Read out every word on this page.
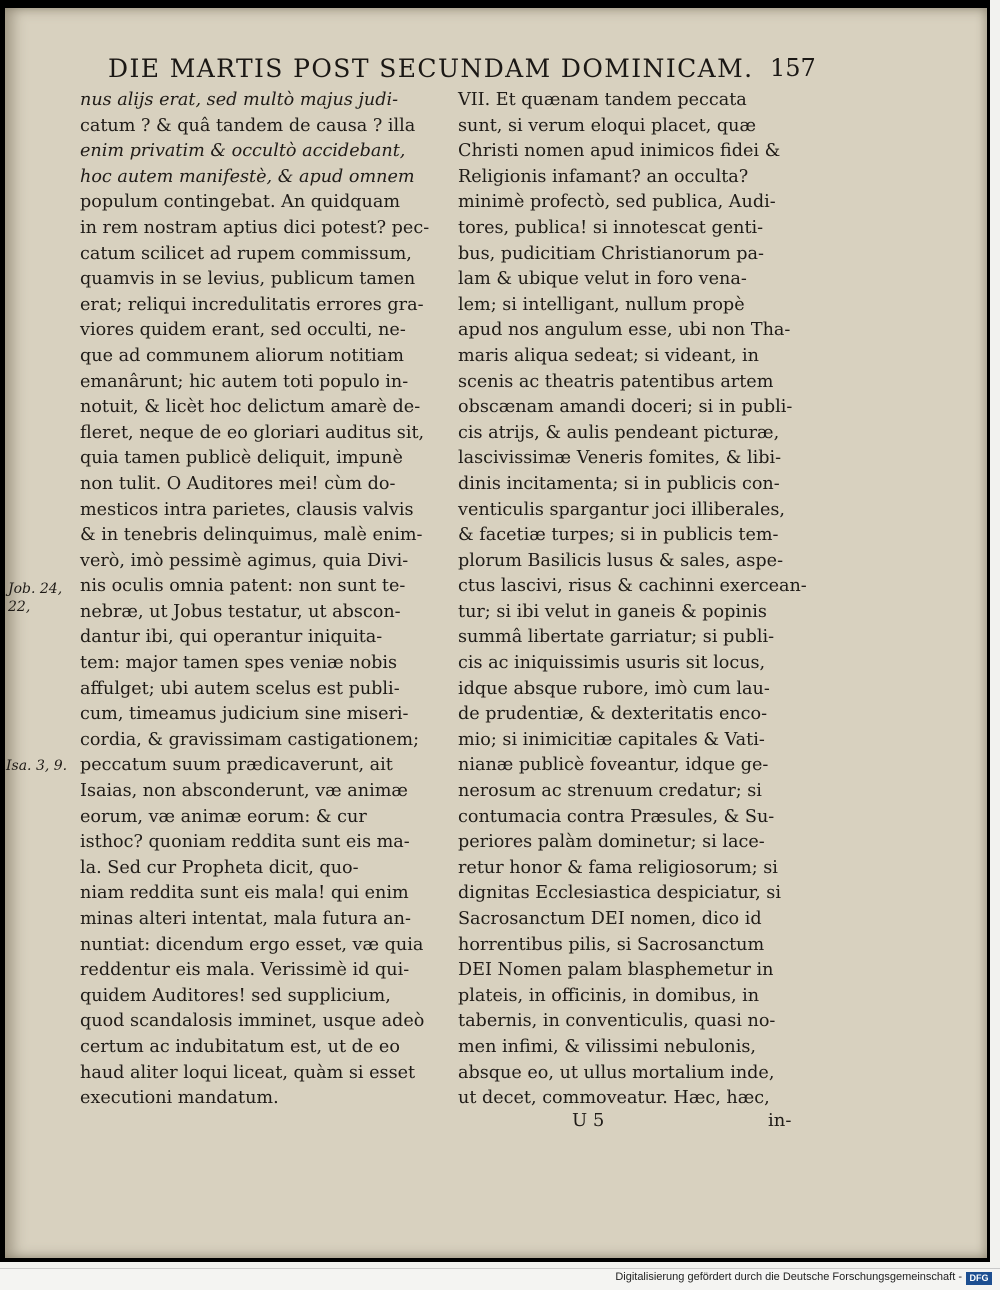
DIE MARTIS POST SECUNDAM DOMINICAM. 157
nus alijs erat, sed multò majus judi-
catum ? & quâ tandem de causa ? illa
enim privatim & occultò accidebant,
hoc autem manifestè, & apud omnem
populum contingebat. An quidquam
in rem nostram aptius dici potest? pec-
catum scilicet ad rupem commissum,
quamvis in se levius, publicum tamen
erat; reliqui incredulitatis errores gra-
viores quidem erant, sed occulti, ne-
que ad communem aliorum notitiam
emanârunt; hic autem toti populo in-
notuit, & licèt hoc delictum amarè de-
fleret, neque de eo gloriari auditus sit,
quia tamen publicè deliquit, impunè
non tulit. O Auditores mei! cùm do-
mesticos intra parietes, clausis valvis
& in tenebris delinquimus, malè enim-
verò, imò pessimè agimus, quia Divi-
nis oculis omnia patent: non sunt te-
nebræ, ut Jobus testatur, ut abscon-
dantur ibi, qui operantur iniquita-
tem: major tamen spes veniæ nobis
affulget; ubi autem scelus est publi-
cum, timeamus judicium sine miseri-
cordia, & gravissimam castigationem;
peccatum suum prædicaverunt, ait
Isaias, non absconderunt, væ animæ
eorum, væ animæ eorum: & cur
isthoc? quoniam reddita sunt eis ma-
la. Sed cur Propheta dicit, quo-
niam reddita sunt eis mala! qui enim
minas alteri intentat, mala futura an-
nuntiat: dicendum ergo esset, væ quia
reddentur eis mala. Verissimè id qui-
quidem Auditores! sed supplicium,
quod scandalosis imminet, usque adeò
certum ac indubitatum est, ut de eo
haud aliter loqui liceat, quàm si esset
executioni mandatum.
VII. Et quænam tandem peccata
sunt, si verum eloqui placet, quæ
Christi nomen apud inimicos fidei &
Religionis infamant? an occulta?
minimè profectò, sed publica, Audi-
tores, publica! si innotescat genti-
bus, pudicitiam Christianorum pa-
lam & ubique velut in foro vena-
lem; si intelligant, nullum propè
apud nos angulum esse, ubi non Tha-
maris aliqua sedeat; si videant, in
scenis ac theatris patentibus artem
obscænam amandi doceri; si in publi-
cis atrijs, & aulis pendeant picturæ,
lascivissimæ Veneris fomites, & libi-
dinis incitamenta; si in publicis con-
venticulis spargantur joci illiberales,
& facetiæ turpes; si in publicis tem-
plorum Basilicis lusus & sales, aspe-
ctus lascivi, risus & cachinni exercean-
tur; si ibi velut in ganeis & popinis
summâ libertate garriatur; si publi-
cis ac iniquissimis usuris sit locus,
idque absque rubore, imò cum lau-
de prudentiæ, & dexteritatis enco-
mio; si inimicitiæ capitales & Vati-
nianæ publicè foveantur, idque ge-
nerosum ac strenuum credatur; si
contumacia contra Præsules, & Su-
periores palàm dominetur; si lace-
retur honor & fama religiosorum; si
dignitas Ecclesiastica despiciatur, si
Sacrosanctum DEI nomen, dico id
horrentibus pilis, si Sacrosanctum
DEI Nomen palam blasphemetur in
plateis, in officinis, in domibus, in
tabernis, in conventiculis, quasi no-
men infimi, & vilissimi nebulonis,
absque eo, ut ullus mortalium inde,
ut decet, commoveatur. Hæc, hæc,
Job. 24,
22,
Isa. 3, 9.
U 5	in-
Digitalisierung gefördert durch die Deutsche Forschungsgemeinschaft - DFG
